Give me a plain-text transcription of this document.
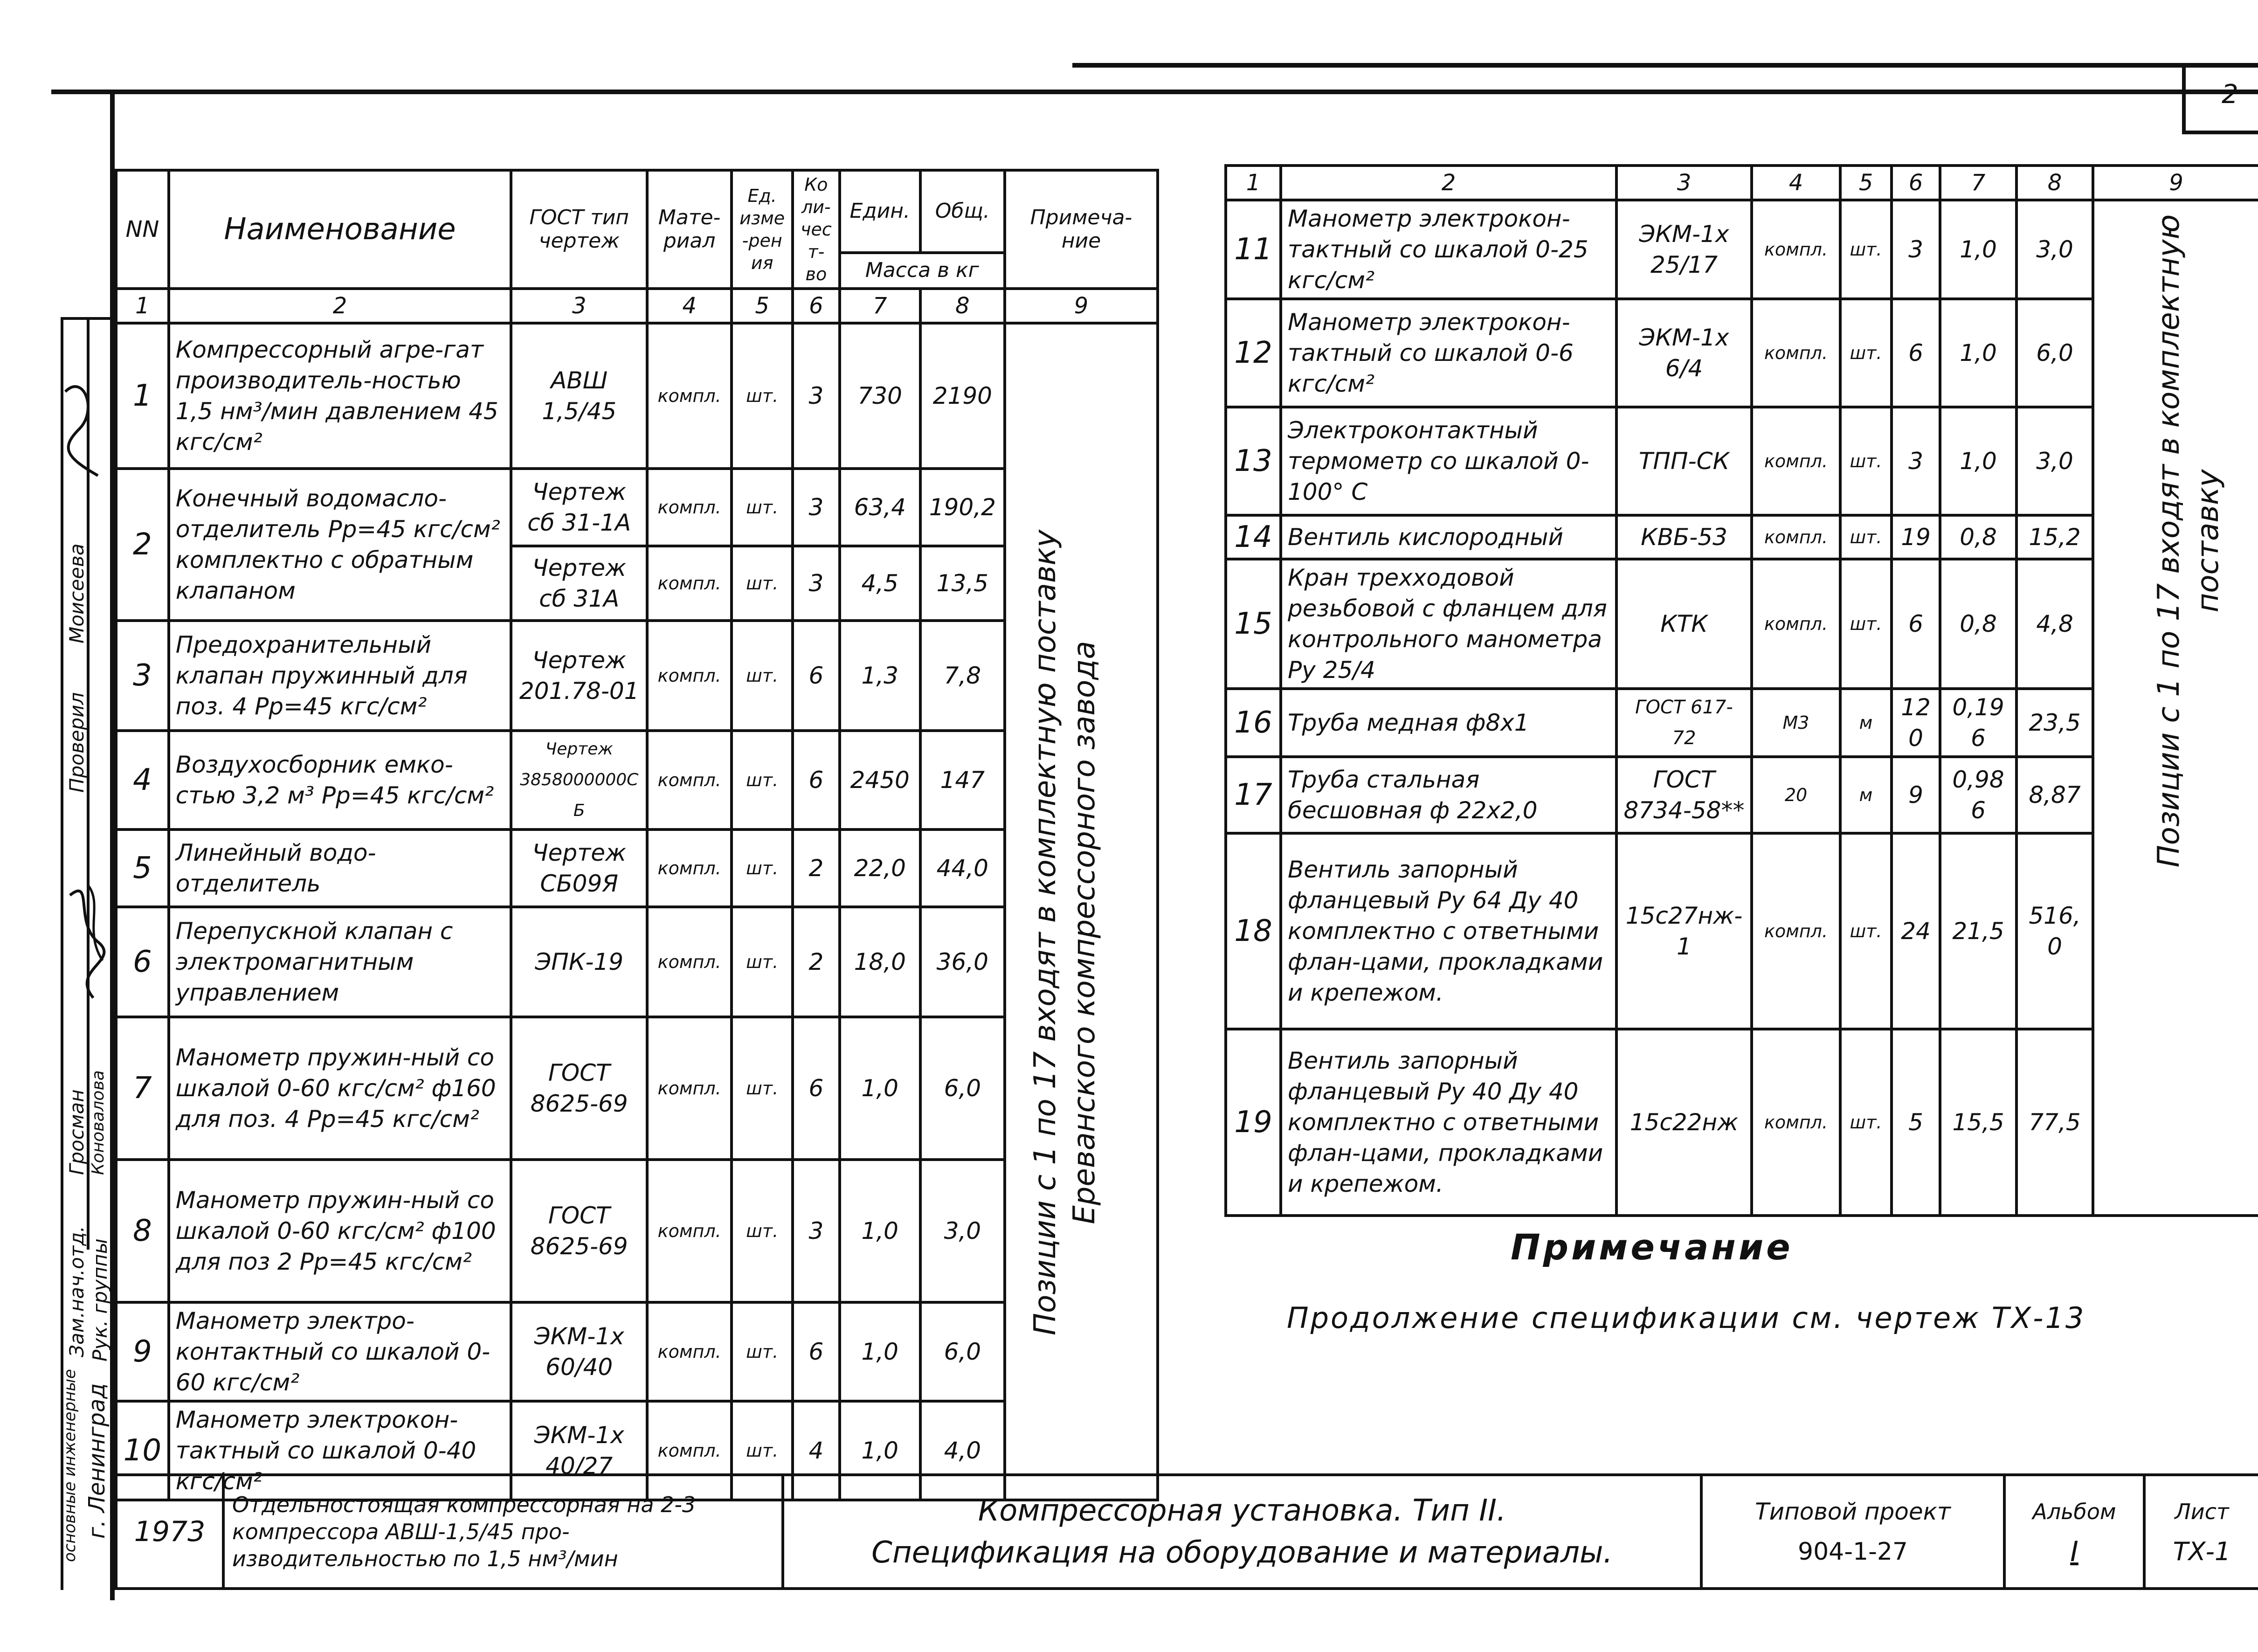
2
NN	Наименование	ГОСТ тип чертеж	Мате-риал	Ед. изме-рения	Коли-чест-во	Един.	Общ.	Примеча-ние
						Масса в кг		
1	2	3	4	5	6	7	8	9
1	Компрессорный агре-гат производитель-ностью 1,5 нм³/мин давлением 45 кгс/см²	АВШ 1,5/45	компл.	шт.	3	730	2190	
2	Конечный водомасло-отделитель Рр=45 кгс/см² комплектно с обратным клапаном	Чертеж сб 31-1А	компл.	шт.	3	63,4	190,2	
		Чертеж сб 31А	компл.	шт.	3	4,5	13,5	
3	Предохранительный клапан пружинный для поз. 4 Рр=45 кгс/см²	Чертеж 201.78-01	компл.	шт.	6	1,3	7,8	
4	Воздухосборник емко-стью 3,2 м³ Рр=45 кгс/см²	Чертеж 3858000000СБ	компл.	шт.	6	2450	147	
5	Линейный водо-отделитель	Чертеж СБ09Я	компл.	шт.	2	22,0	44,0	
6	Перепускной клапан с электромагнитным управлением	ЭПК-19	компл.	шт.	2	18,0	36,0	
7	Манометр пружин-ный со шкалой 0-60 кгс/см² ф160 для поз. 4 Рр=45 кгс/см²	ГОСТ 8625-69	компл.	шт.	6	1,0	6,0	
8	Манометр пружин-ный со шкалой 0-60 кгс/см² ф100 для поз 2 Рр=45 кгс/см²	ГОСТ 8625-69	компл.	шт.	3	1,0	3,0	
9	Манометр электро-контактный со шкалой 0-60 кгс/см²	ЭКМ-1х 60/40	компл.	шт.	6	1,0	6,0	
10	Манометр электрокон-тактный со шкалой 0-40 кгс/см²	ЭКМ-1х 40/27	компл.	шт.	4	1,0	4,0	
Позиции с 1 по 17 входят в комплектную поставку Ереванского компрессорного завода
1	2	3	4	5	6	7	8	9
11	Манометр электрокон-тактный со шкалой 0-25 кгс/см²	ЭКМ-1х 25/17	компл.	шт.	3	1,0	3,0	
12	Манометр электрокон-тактный со шкалой 0-6 кгс/см²	ЭКМ-1х 6/4	компл.	шт.	6	1,0	6,0	
13	Электроконтактный термометр со шкалой 0-100° С	ТПП-СК	компл.	шт.	3	1,0	3,0	
14	Вентиль кислородный	КВБ-53	компл.	шт.	19	0,8	15,2	
15	Кран трехходовой резьбовой с фланцем для контрольного манометра Ру 25/4	КТК	компл.	шт.	6	0,8	4,8	
16	Труба медная ф8х1	ГОСТ 617-72	М3	м	120	0,196	23,5	
17	Труба стальная бесшовная ф 22х2,0	ГОСТ 8734-58**	20	м	9	0,986	8,87	
18	Вентиль запорный фланцевый Ру 64 Ду 40 комплектно с ответными флан-цами, прокладками и крепежом.	15с27нж-1	компл.	шт.	24	21,5	516,0	
19	Вентиль запорный фланцевый Ру 40 Ду 40 комплектно с ответными флан-цами, прокладками и крепежом.	15с22нж	компл.	шт.	5	15,5	77,5	
Позиции с 1 по 17 входят в комплектную поставку
Примечание
Продолжение спецификации см. чертеж ТХ-13
Зам.нач.отд. Рук. группы
Гросман Коновалова
Проверил
Моисеева
г. Ленинград
основные инженерные 1973	Отдельностоящая компрессорная на 2-3 компрессора АВШ-1,5/45 про-изводительностью по 1,5 нм³/мин	
Компрессорная установка. Тип II.
Спецификация на оборудование и материалы.

Типовой проект
904-1-27

Альбом
I

Лист
ТХ-1
